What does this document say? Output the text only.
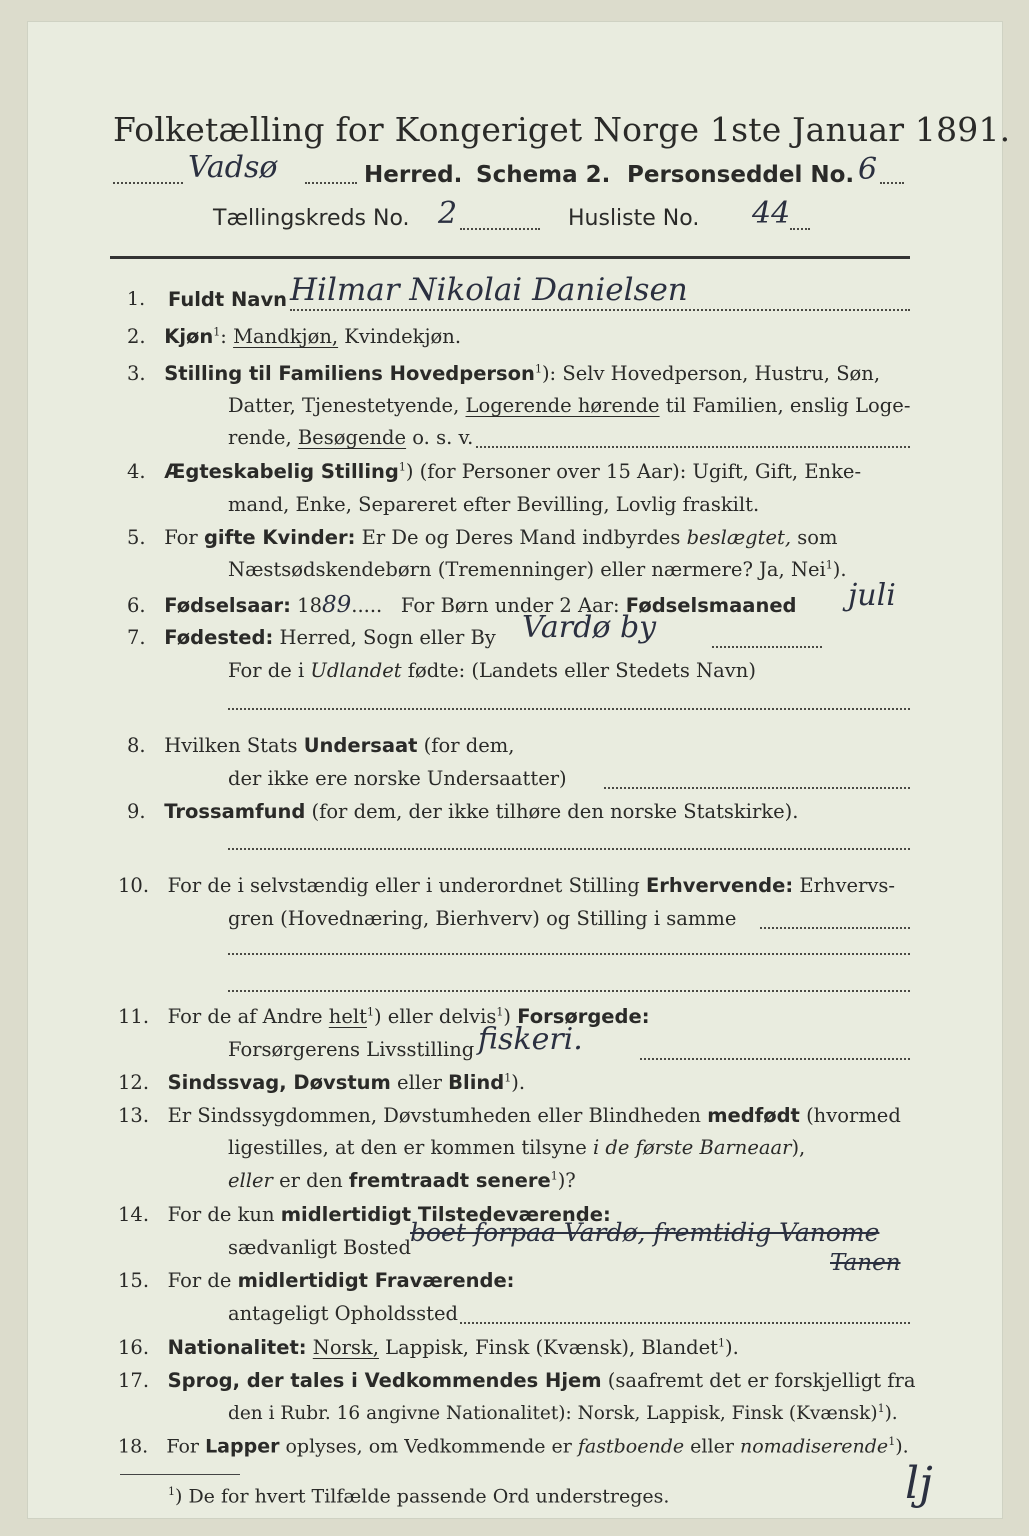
Folketælling for Kongeriget Norge 1ste Januar 1891.
Vadsø	Herred. Schema 2. Personseddel No. 6
Tællingskreds No. 2	Husliste No. 44
1. Fuldt Navn Hilmar Nikolai Danielsen
2. Kjøn$^1$: Mandkjøn, Kvindekjøn.
3. Stilling til Familiens Hovedperson$^1$): Selv Hovedperson, Hustru, Søn,
Datter, Tjenestetyende, Logerende hørende til Familien, enslig Loge-
rende, Besøgende o. s. v.
4. Ægteskabelig Stilling$^1$) (for Personer over 15 Aar): Ugift, Gift, Enke-
mand, Enke, Separeret efter Bevilling, Lovlig fraskilt.
5. For gifte Kvinder: Er De og Deres Mand indbyrdes beslægtet, som
Næstsødskendebørn (Tremenninger) eller nærmere? Ja, Nei$^1$).
6. Fødselsaar: 1889.....   For Børn under 2 Aar: Fødselsmaaned juli
7. Fødested: Herred, Sogn eller By Vardø by
For de i Udlandet fødte: (Landets eller Stedets Navn)
8. Hvilken Stats Undersaat (for dem,
der ikke ere norske Undersaatter)
9. Trossamfund (for dem, der ikke tilhøre den norske Statskirke).
10. For de i selvstændig eller i underordnet Stilling Erhvervende: Erhvervs-
gren (Hovednæring, Bierhverv) og Stilling i samme
11. For de af Andre helt$^1$) eller delvis$^1$) Forsørgede:
Forsørgerens Livsstilling fiskeri.
12. Sindssvag, Døvstum eller Blind$^1$).
13. Er Sindssygdommen, Døvstumheden eller Blindheden medfødt (hvormed
ligestilles, at den er kommen tilsyne i de første Barneaar),
eller er den fremtraadt senere$^1$)?
14. For de kun midlertidigt Tilstedeværende:
sædvanligt Bosted
boet forpaa Vardø, fremtidig Vanome
Tanen
15. For de midlertidigt Fraværende:
antageligt Opholdssted
16. Nationalitet: Norsk, Lappisk, Finsk (Kvænsk), Blandet$^1$).
17. Sprog, der tales i Vedkommendes Hjem (saafremt det er forskjelligt fra
den i Rubr. 16 angivne Nationalitet): Norsk, Lappisk, Finsk (Kvænsk)$^1$).
18. For Lapper oplyses, om Vedkommende er fastboende eller nomadiserende$^1$).
$^1$) De for hvert Tilfælde passende Ord understreges.	lj
